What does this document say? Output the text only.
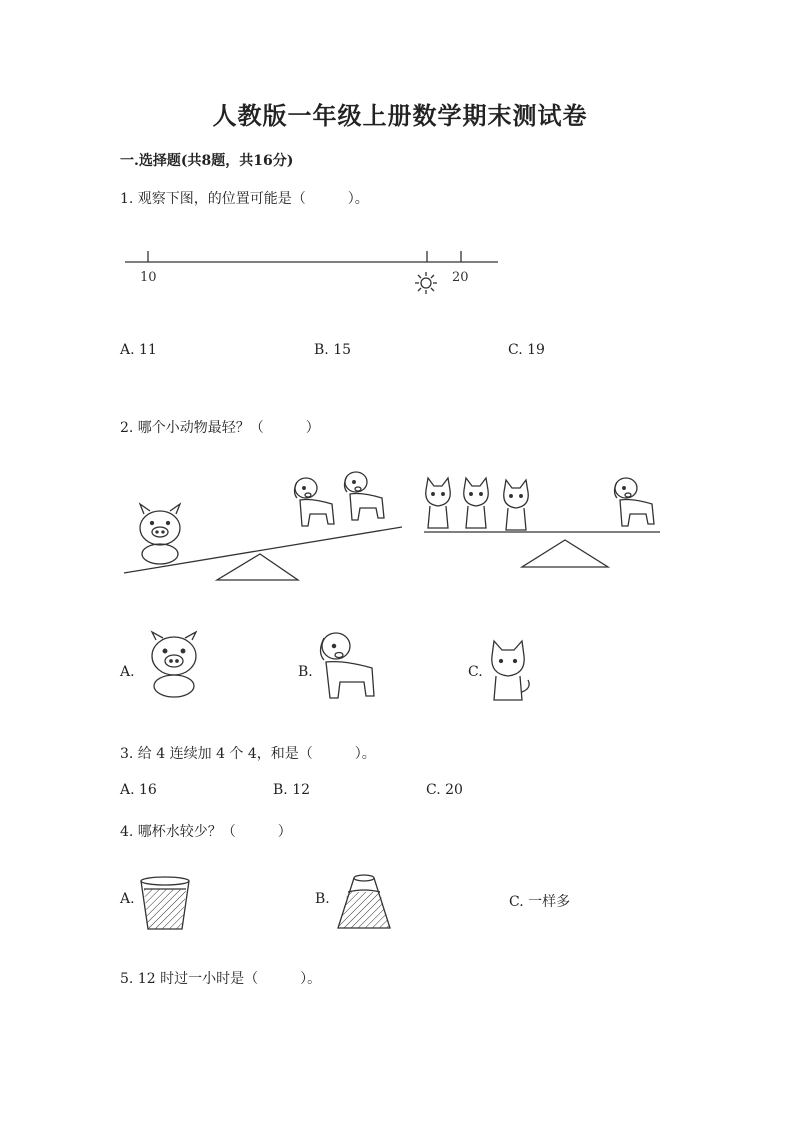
人教版一年级上册数学期末测试卷
一.选择题(共8题，共16分)
1. 观察下图，的位置可能是（　　　）。
10	20
A. 11	B. 15	C. 19
2. 哪个小动物最轻？（　　　）
A.	B.	C.
3. 给 4 连续加 4 个 4，和是（　　　）。
A. 16	B. 12	C. 20
4. 哪杯水较少？（　　　）
A.	B.	C. 一样多
5. 12 时过一小时是（　　　）。
